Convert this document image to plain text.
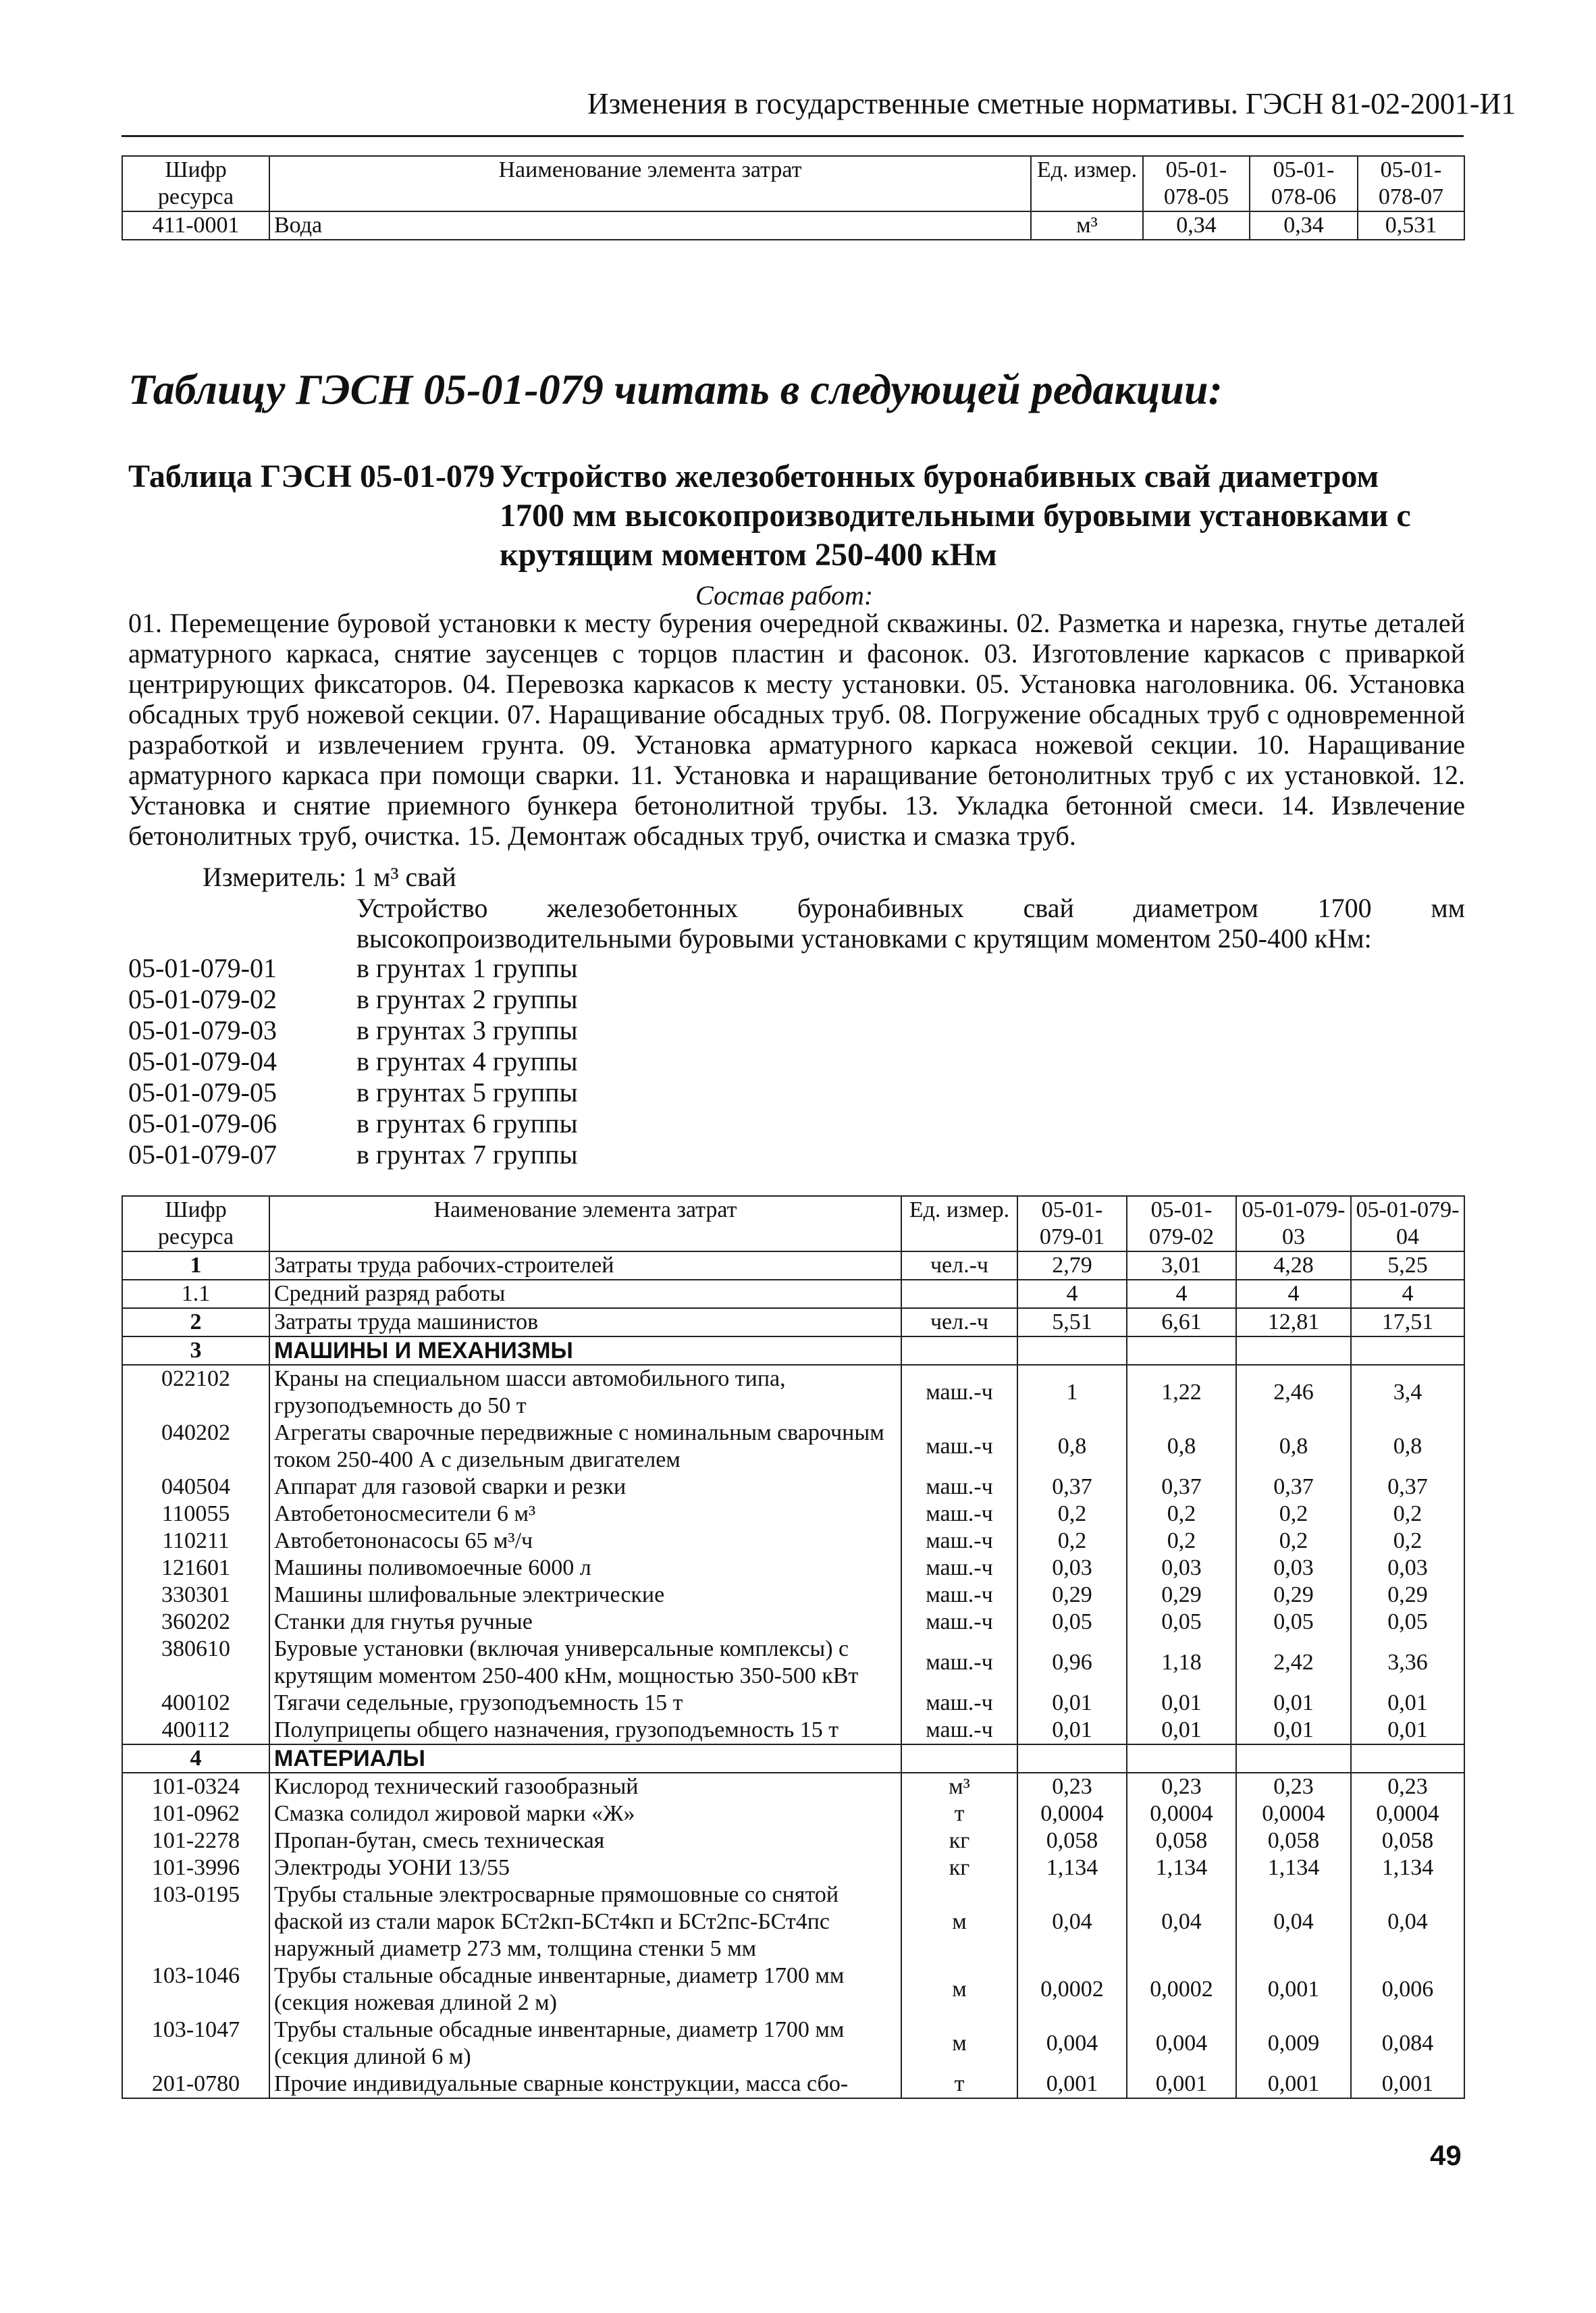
Изменения в государственные сметные нормативы. ГЭСН 81-02-2001-И1
Шифр ресурса	Наименование элемента затрат	Ед. измер.	05-01-078-05	05-01-078-06	05-01-078-07
411-0001	Вода	м³	0,34	0,34	0,531
Таблицу ГЭСН 05-01-079 читать в следующей редакции:
Таблица ГЭСН 05-01-079 Устройство железобетонных буронабивных свай диаметром
1700 мм высокопроизводительными буровыми установками с
крутящим моментом 250-400 кНм
Состав работ:
01. Перемещение буровой установки к месту бурения очередной скважины. 02. Разметка и нарезка, гнутье деталей арматурного каркаса, снятие заусенцев с торцов пластин и фасонок. 03. Изготовление каркасов с приваркой центрирующих фиксаторов. 04. Перевозка каркасов к месту установки. 05. Установка наголовника. 06. Установка обсадных труб ножевой секции. 07. Наращивание обсадных труб. 08. Погружение обсадных труб с одновременной разработкой и извлечением грунта. 09. Установка арматурного каркаса ножевой секции. 10. Наращивание арматурного каркаса при помощи сварки. 11. Установка и наращивание бетонолитных труб с их установкой. 12. Установка и снятие приемного бункера бетонолитной трубы. 13. Укладка бетонной смеси. 14. Извлечение бетонолитных труб, очистка. 15. Демонтаж обсадных труб, очистка и смазка труб.
Измеритель: 1 м³ свай
Устройство железобетонных буронабивных свай диаметром 1700 мм высокопроизводительными буровыми установками с крутящим моментом 250-400 кНм:
05-01-079-01	в грунтах 1 группы
05-01-079-02	в грунтах 2 группы
05-01-079-03	в грунтах 3 группы
05-01-079-04	в грунтах 4 группы
05-01-079-05	в грунтах 5 группы
05-01-079-06	в грунтах 6 группы
05-01-079-07	в грунтах 7 группы
Шифр ресурса	Наименование элемента затрат	Ед. измер.	05-01-079-01	05-01-079-02	05-01-079-03	05-01-079-04
1	Затраты труда рабочих-строителей	чел.-ч	2,79	3,01	4,28	5,25
1.1	Средний разряд работы		4	4	4	4
2	Затраты труда машинистов	чел.-ч	5,51	6,61	12,81	17,51
3	МАШИНЫ И МЕХАНИЗМЫ					
022102	Краны на специальном шасси автомобильного типа, грузоподъемность до 50 т	маш.-ч	1	1,22	2,46	3,4
040202	Агрегаты сварочные передвижные с номинальным сварочным током 250-400 А с дизельным двигателем	маш.-ч	0,8	0,8	0,8	0,8
040504	Аппарат для газовой сварки и резки	маш.-ч	0,37	0,37	0,37	0,37
110055	Автобетоносмесители 6 м³	маш.-ч	0,2	0,2	0,2	0,2
110211	Автобетононасосы 65 м³/ч	маш.-ч	0,2	0,2	0,2	0,2
121601	Машины поливомоечные 6000 л	маш.-ч	0,03	0,03	0,03	0,03
330301	Машины шлифовальные электрические	маш.-ч	0,29	0,29	0,29	0,29
360202	Станки для гнутья ручные	маш.-ч	0,05	0,05	0,05	0,05
380610	Буровые установки (включая универсальные комплексы) с крутящим моментом 250-400 кНм, мощностью 350-500 кВт	маш.-ч	0,96	1,18	2,42	3,36
400102	Тягачи седельные, грузоподъемность 15 т	маш.-ч	0,01	0,01	0,01	0,01
400112	Полуприцепы общего назначения, грузоподъемность 15 т	маш.-ч	0,01	0,01	0,01	0,01
4	МАТЕРИАЛЫ					
101-0324	Кислород технический газообразный	м³	0,23	0,23	0,23	0,23
101-0962	Смазка солидол жировой марки «Ж»	т	0,0004	0,0004	0,0004	0,0004
101-2278	Пропан-бутан, смесь техническая	кг	0,058	0,058	0,058	0,058
101-3996	Электроды УОНИ 13/55	кг	1,134	1,134	1,134	1,134
103-0195	Трубы стальные электросварные прямошовные со снятой фаской из стали марок БСт2кп-БСт4кп и БСт2пс-БСт4пс наружный диаметр 273 мм, толщина стенки 5 мм	м	0,04	0,04	0,04	0,04
103-1046	Трубы стальные обсадные инвентарные, диаметр 1700 мм (секция ножевая длиной 2 м)	м	0,0002	0,0002	0,001	0,006
103-1047	Трубы стальные обсадные инвентарные, диаметр 1700 мм (секция длиной 6 м)	м	0,004	0,004	0,009	0,084
201-0780	Прочие индивидуальные сварные конструкции, масса сбо-	т	0,001	0,001	0,001	0,001
49
